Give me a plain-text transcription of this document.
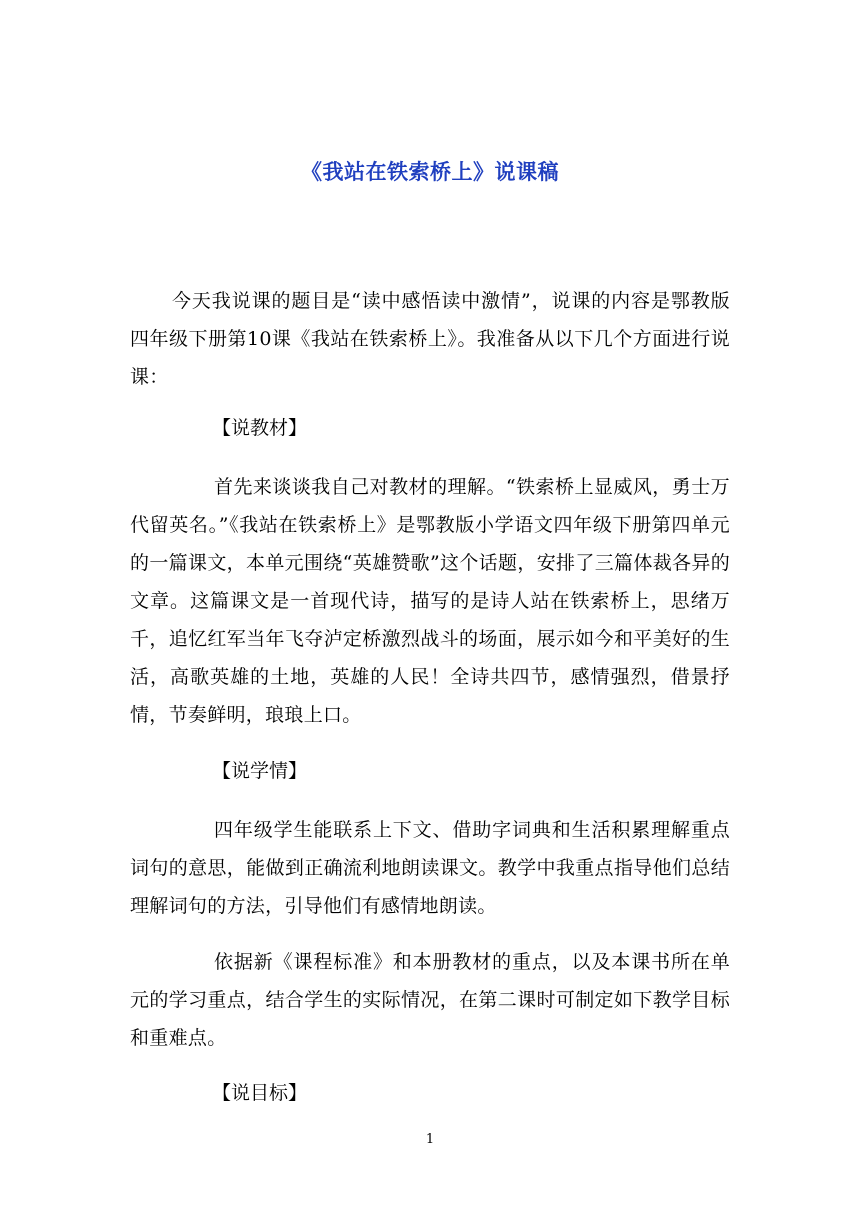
《我站在铁索桥上》说课稿
今天我说课的题目是“读中感悟读中激情”，说课的内容是鄂教版四年级下册第10课《我站在铁索桥上》。我准备从以下几个方面进行说课：
【说教材】
首先来谈谈我自己对教材的理解。“铁索桥上显威风，勇士万代留英名。”《我站在铁索桥上》是鄂教版小学语文四年级下册第四单元的一篇课文，本单元围绕“英雄赞歌”这个话题，安排了三篇体裁各异的文章。这篇课文是一首现代诗，描写的是诗人站在铁索桥上，思绪万千，追忆红军当年飞夺泸定桥激烈战斗的场面，展示如今和平美好的生活，高歌英雄的土地，英雄的人民！全诗共四节，感情强烈，借景抒情，节奏鲜明，琅琅上口。
【说学情】
四年级学生能联系上下文、借助字词典和生活积累理解重点词句的意思，能做到正确流利地朗读课文。教学中我重点指导他们总结理解词句的方法，引导他们有感情地朗读。
依据新《课程标准》和本册教材的重点，以及本课书所在单元的学习重点，结合学生的实际情况，在第二课时可制定如下教学目标和重难点。
【说目标】
1
